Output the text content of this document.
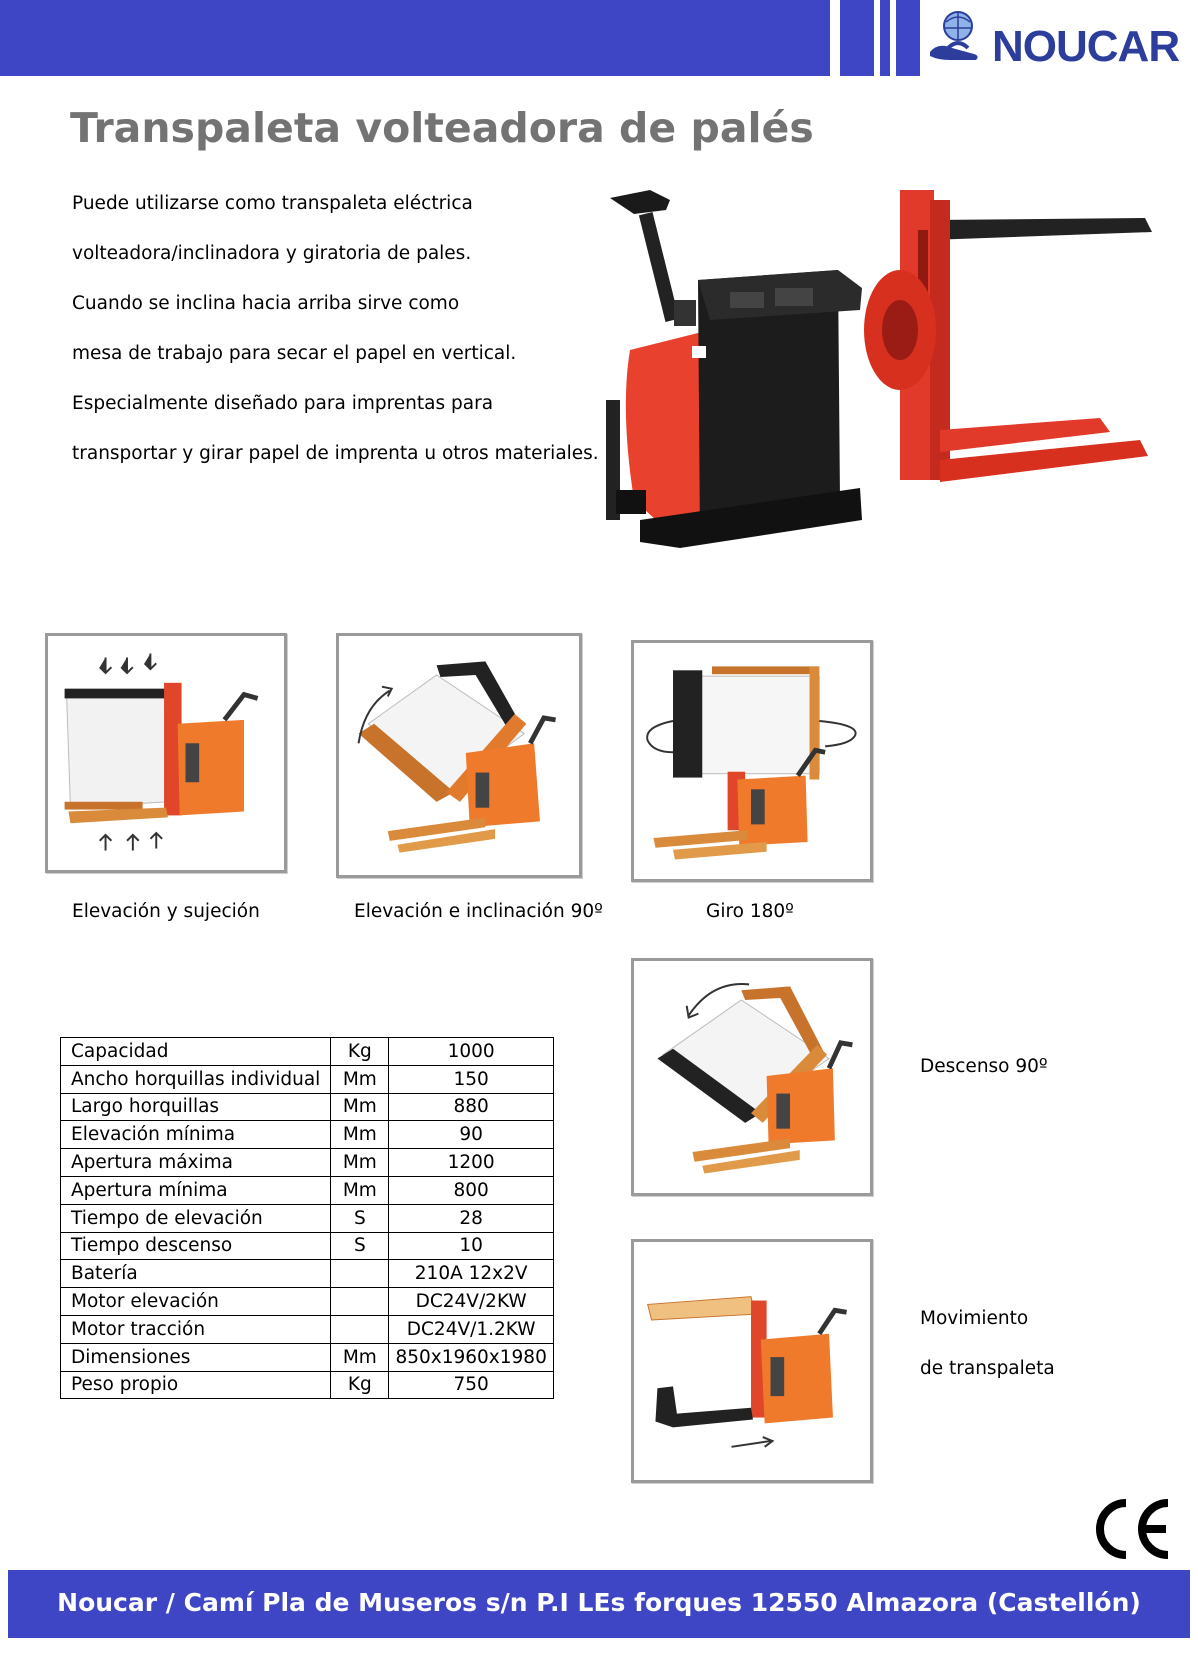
NOUCAR
Transpaleta volteadora de palés

Puede utilizarse como transpaleta eléctrica

volteadora/inclinadora y giratoria de pales.

Cuando se inclina hacia arriba sirve como

mesa de trabajo para secar el papel en vertical.

Especialmente diseñado para imprentas para

transportar y girar papel de imprenta u otros materiales.

Elevación y sujeción	Elevación e inclinación 90º	Giro 180º
Descenso 90º
Movimiento
de transpaleta
Capacidad	Kg	1000
Ancho horquillas individual	Mm	150
Largo horquillas	Mm	880
Elevación mínima	Mm	90
Apertura máxima	Mm	1200
Apertura mínima	Mm	800
Tiempo de elevación	S	28
Tiempo descenso	S	10
Batería		210A 12x2V
Motor elevación		DC24V/2KW
Motor tracción		DC24V/1.2KW
Dimensiones	Mm	850x1960x1980
Peso propio	Kg	750
Noucar / Camí Pla de Museros s/n P.I LEs forques 12550 Almazora (Castellón)
